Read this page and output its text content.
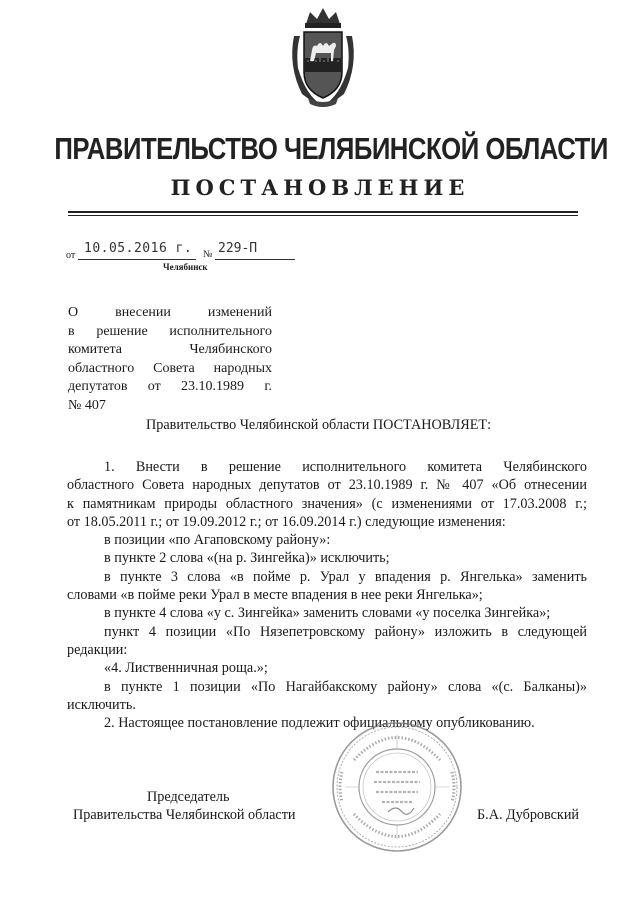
ПРАВИТЕЛЬСТВО ЧЕЛЯБИНСКОЙ ОБЛАСТИ
ПОСТАНОВЛЕНИЕ
от 10.05.2016 г. № 229-П
Челябинск
О внесении изменений
в решение исполнительного
комитета Челябинского
областного Совета народных
депутатов от 23.10.1989 г.
№ 407
Правительство Челябинской области ПОСТАНОВЛЯЕТ:
1. Внести в решение исполнительного комитета Челябинского
областного Совета народных депутатов от 23.10.1989 г. № 407 «Об отнесении
к памятникам природы областного значения» (с изменениями от 17.03.2008 г.;
от 18.05.2011 г.; от 19.09.2012 г.; от 16.09.2014 г.) следующие изменения:
в позиции «по Агаповскому району»:
в пункте 2 слова «(на р. Зингейка)» исключить;
в пункте 3 слова «в пойме р. Урал у впадения р. Янгелька» заменить
словами «в пойме реки Урал в месте впадения в нее реки Янгелька»;
в пункте 4 слова «у с. Зингейка» заменить словами «у поселка Зингейка»;
пункт 4 позиции «По Нязепетровскому району» изложить в следующей
редакции:
«4. Лиственничная роща.»;
в пункте 1 позиции «По Нагайбакскому району» слова «(с. Балканы)»
исключить.
2. Настоящее постановление подлежит официальному опубликованию.
Председатель
Правительства Челябинской области	Б.А. Дубровский
